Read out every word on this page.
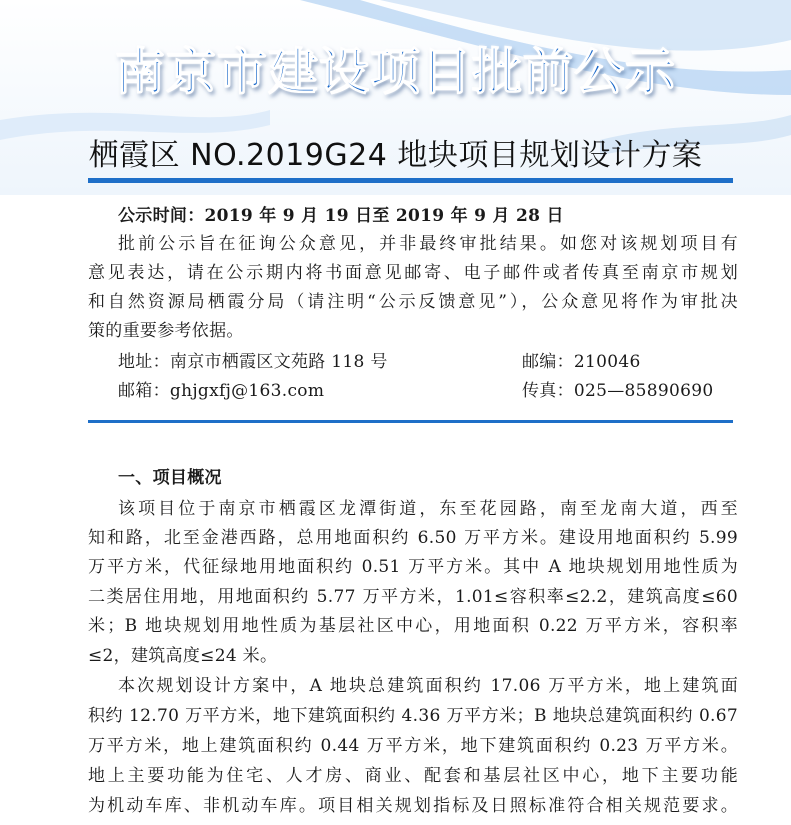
南京市建设项目批前公示
栖霞区 NO.2019G24 地块项目规划设计方案
公示时间：2019 年 9 月 19 日至 2019 年 9 月 28 日
批前公示旨在征询公众意见，并非最终审批结果。如您对该规划项目有
意见表达，请在公示期内将书面意见邮寄、电子邮件或者传真至南京市规划
和自然资源局栖霞分局（请注明“公示反馈意见”），公众意见将作为审批决
策的重要参考依据。
地址：南京市栖霞区文苑路 118 号	邮编：210046
邮箱：ghjgxfj@163.com	传真：025—85890690
一、项目概况
该项目位于南京市栖霞区龙潭街道，东至花园路，南至龙南大道，西至
知和路，北至金港西路，总用地面积约 6.50 万平方米。建设用地面积约 5.99
万平方米，代征绿地用地面积约 0.51 万平方米。其中 A 地块规划用地性质为
二类居住用地，用地面积约 5.77 万平方米，1.01≤容积率≤2.2，建筑高度≤60
米；B 地块规划用地性质为基层社区中心，用地面积 0.22 万平方米，容积率
≤2，建筑高度≤24 米。
本次规划设计方案中，A 地块总建筑面积约 17.06 万平方米，地上建筑面
积约 12.70 万平方米，地下建筑面积约 4.36 万平方米；B 地块总建筑面积约 0.67
万平方米，地上建筑面积约 0.44 万平方米，地下建筑面积约 0.23 万平方米。
地上主要功能为住宅、人才房、商业、配套和基层社区中心，地下主要功能
为机动车库、非机动车库。项目相关规划指标及日照标准符合相关规范要求。
